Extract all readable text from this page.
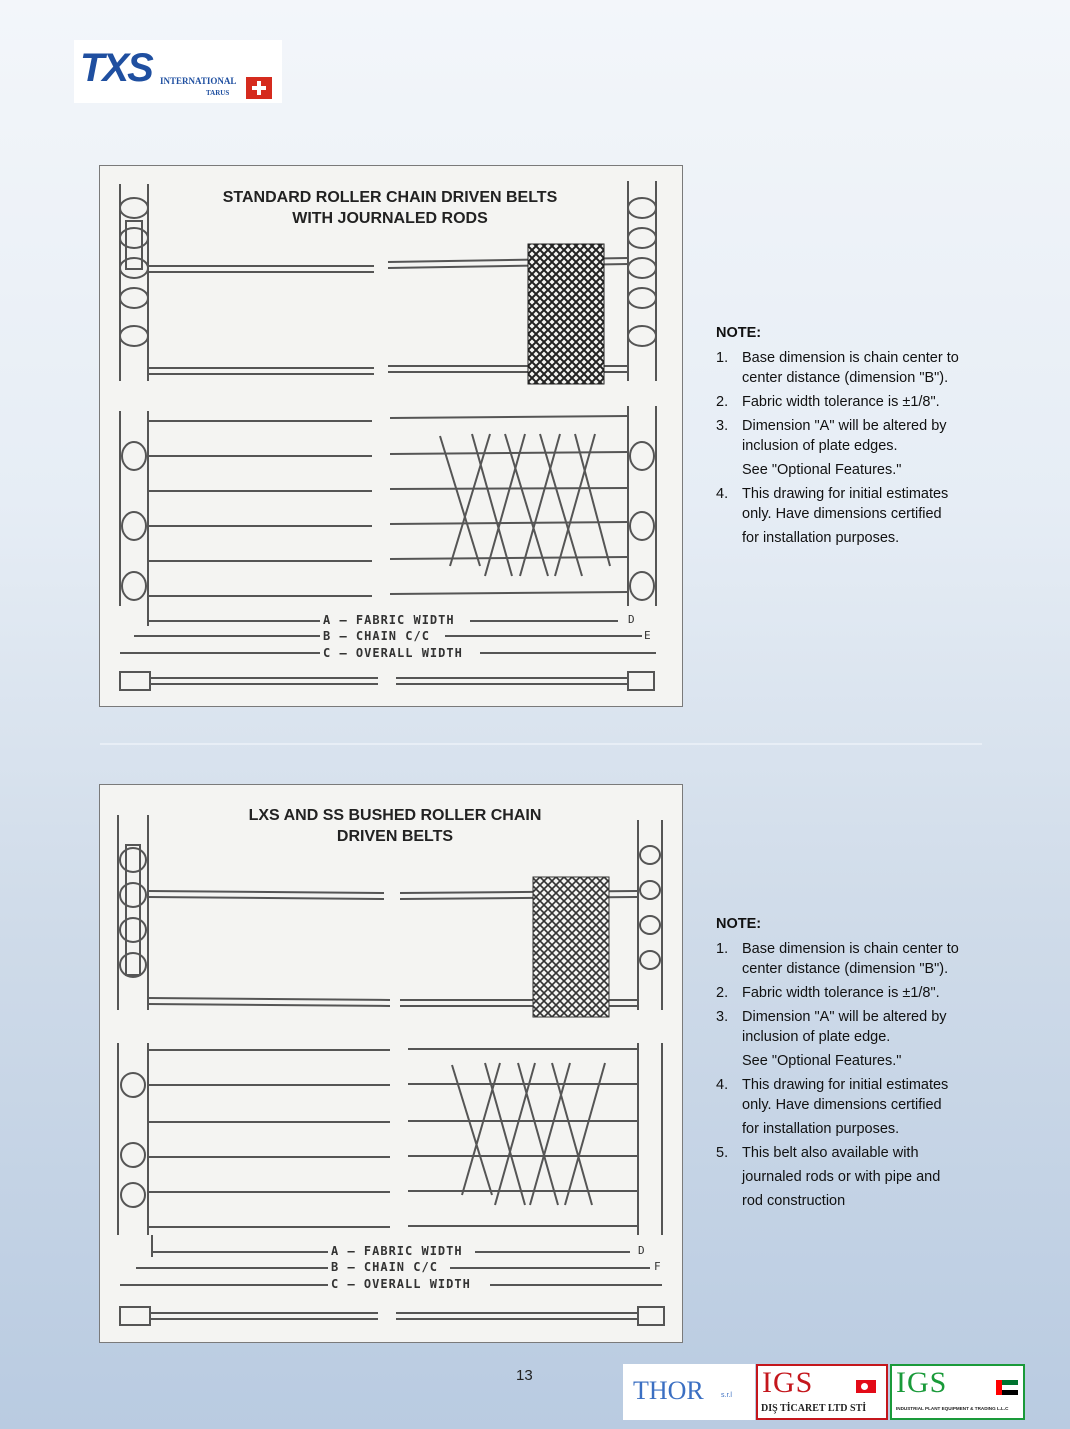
TXS INTERNATIONAL
TARUS
STANDARD ROLLER CHAIN DRIVEN BELTS
WITH JOURNALED RODS
A — FABRIC WIDTH
B — CHAIN C/C
C — OVERALL WIDTH
D
E
NOTE:
1. Base dimension is chain center to
center distance (dimension "B").
2. Fabric width tolerance is ±1/8".
3. Dimension "A" will be altered by
inclusion of plate edges.
See "Optional Features."
4. This drawing for initial estimates
only. Have dimensions certified
for installation purposes.
LXS AND SS BUSHED ROLLER CHAIN
DRIVEN BELTS
A — FABRIC WIDTH
B — CHAIN C/C
C — OVERALL WIDTH
D
F
NOTE:
1. Base dimension is chain center to
center distance (dimension "B").
2. Fabric width tolerance is ±1/8".
3. Dimension "A" will be altered by
inclusion of plate edge.
See "Optional Features."
4. This drawing for initial estimates
only. Have dimensions certified
for installation purposes.
5. This belt also available with
journaled rods or with pipe and
rod construction
13
THOR s.r.l IGS
DIŞ TİCARET LTD STİ
IGS
INDUSTRIAL PLANT EQUIPMENT & TRADING L.L.C
